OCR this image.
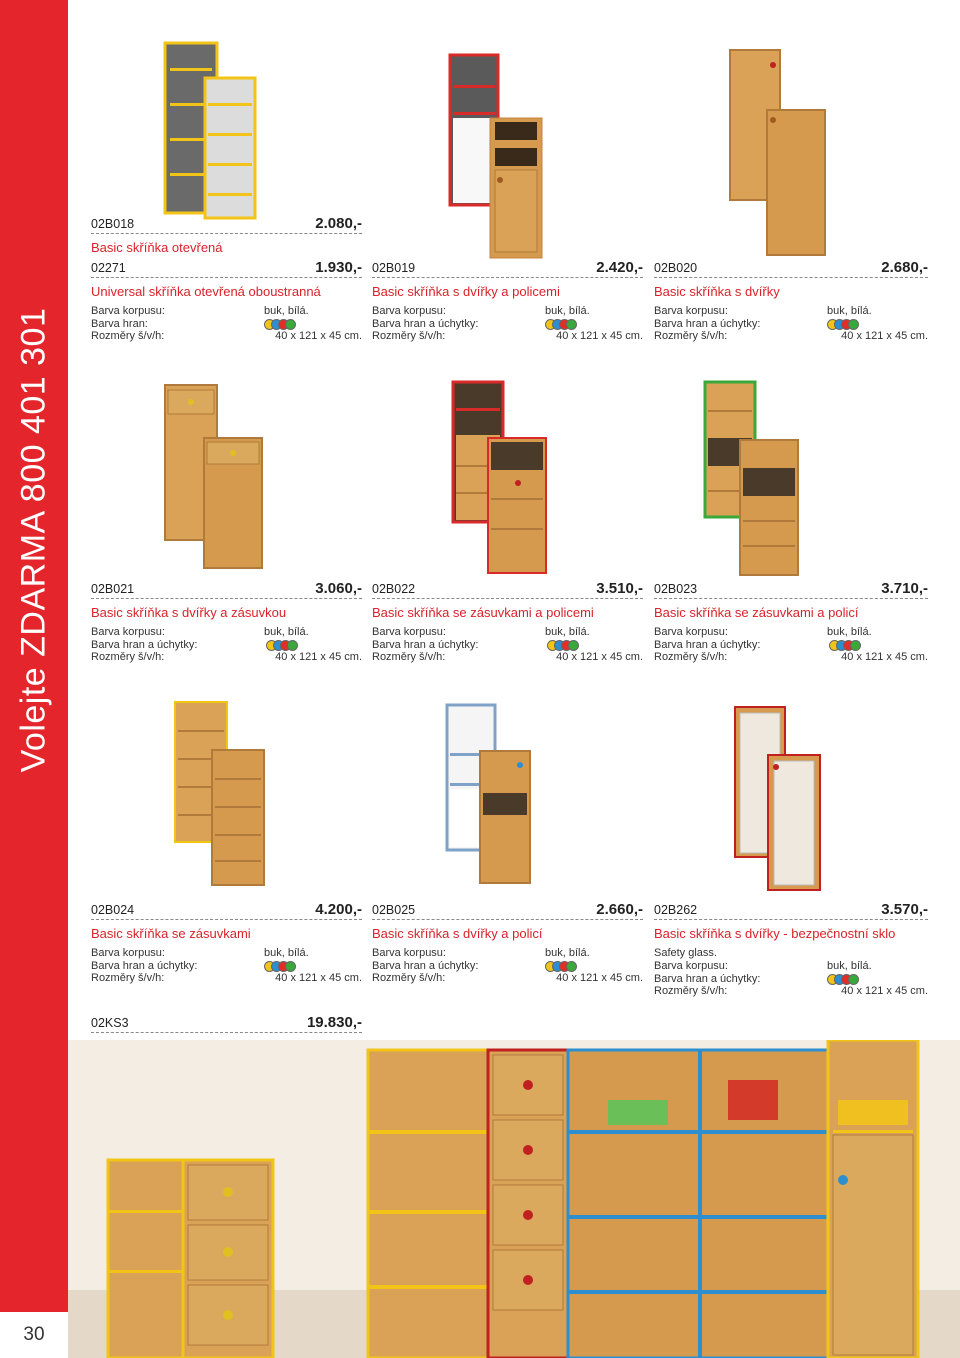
Volejte ZDARMA 800 401 301
30
02B018	2.080,-
Basic skříňka otevřená
02271	1.930,-
Universal skříňka otevřená oboustranná
Barva korpusu:	buk, bílá.
Barva hran:
Rozměry š/v/h:	40 x 121 x 45 cm.
02B019	2.420,-
Basic skříňka s dvířky a policemi
Barva korpusu:	buk, bílá.
Barva hran a úchytky:
Rozměry š/v/h:	40 x 121 x 45 cm.
02B020	2.680,-
Basic skříňka s dvířky
Barva korpusu:	buk, bílá.
Barva hran a úchytky:
Rozměry š/v/h:	40 x 121 x 45 cm.
02B021	3.060,-
Basic skříňka s dvířky a zásuvkou
Barva korpusu:	buk, bílá.
Barva hran a úchytky:
Rozměry š/v/h:	40 x 121 x 45 cm.
02B022	3.510,-
Basic skříňka se zásuvkami a policemi
Barva korpusu:	buk, bílá.
Barva hran a úchytky:
Rozměry š/v/h:	40 x 121 x 45 cm.
02B023	3.710,-
Basic skříňka se zásuvkami a policí
Barva korpusu:	buk, bílá.
Barva hran a úchytky:
Rozměry š/v/h:	40 x 121 x 45 cm.
02B024	4.200,-
Basic skříňka se zásuvkami
Barva korpusu:	buk, bílá.
Barva hran a úchytky:
Rozměry š/v/h:	40 x 121 x 45 cm.
02B025	2.660,-
Basic skříňka s dvířky a policí
Barva korpusu:	buk, bílá.
Barva hran a úchytky:
Rozměry š/v/h:	40 x 121 x 45 cm.
02B262	3.570,-
Basic skříňka s dvířky - bezpečnostní sklo
Safety glass.
Barva korpusu:	buk, bílá.
Barva hran a úchytky:
Rozměry š/v/h:	40 x 121 x 45 cm.
02KS3	19.830,-
